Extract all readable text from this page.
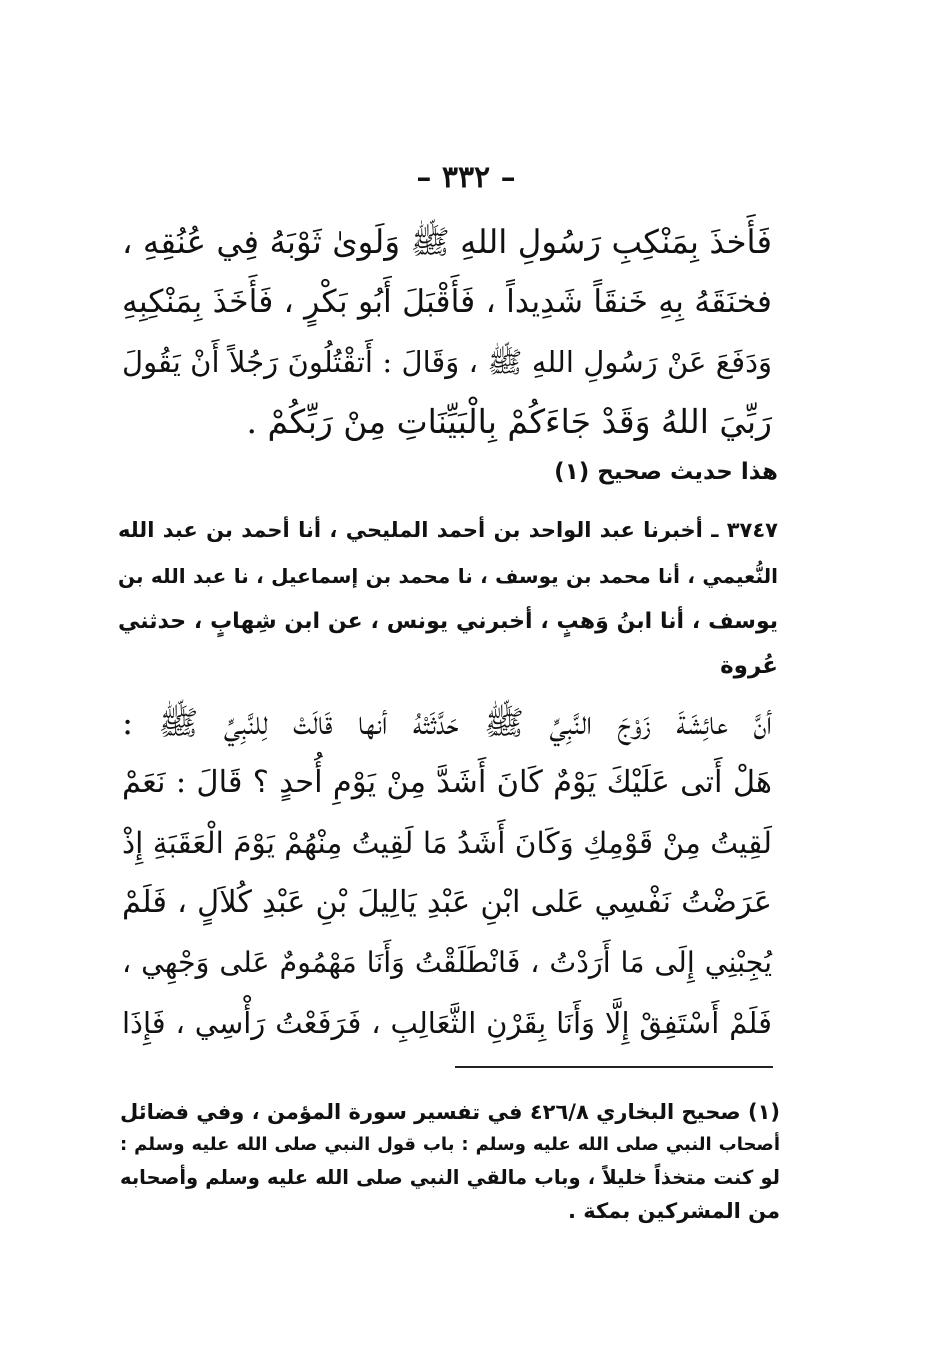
– ٣٣٢ –
فَأَخذَ بِمَنْكِبِ رَسُولِ اللهِ ﷺ وَلَوىٰ ثَوْبَهُ فِي عُنُقِهِ ،
فخنَقَهُ بِهِ خَنقَاً شَدِيداً ، فَأَقْبَلَ أَبُو بَكْرٍ ، فَأَخَذَ بِمَنْكِبِهِ
وَدَفَعَ عَنْ رَسُولِ اللهِ ﷺ ، وَقَالَ : أَتقْتُلُونَ رَجُلاً أَنْ يَقُولَ
رَبِّيَ اللهُ وَقَدْ جَاءَكُمْ بِالْبَيِّنَاتِ مِنْ رَبِّكُمْ .
هذا حديث صحيح (١)
٣٧٤٧ ـ أخبرنا عبد الواحد بن أحمد المليحي ، أنا أحمد بن عبد الله
النُّعيمي ، أنا محمد بن يوسف ، نا محمد بن إسماعيل ، نا عبد الله بن
يوسف ، أنا ابنُ وَهبٍ ، أخبرني يونس ، عن ابن شِهابٍ ، حدثني
عُروة
أنَّ عائِشَةَ زَوْجَ النَّبِيِّ ﷺ حَدَّثَتْهُ أنها قَالَتْ لِلنَّبِيِّ ﷺ :
هَلْ أَتى عَلَيْكَ يَوْمٌ كَانَ أَشَدَّ مِنْ يَوْمِ أُحدٍ ؟ قَالَ : نَعَمْ
لَقِيتُ مِنْ قَوْمِكِ وَكَانَ أَشَدُ مَا لَقِيتُ مِنْهُمْ يَوْمَ الْعَقَبَةِ إِذْ
عَرَضْتُ نَفْسِي عَلى ابْنِ عَبْدِ يَالِيلَ بْنِ عَبْدِ كُلاَلٍ ، فَلَمْ
يُجِبْنِي إِلَى مَا أَرَدْتُ ، فَانْطَلَقْتُ وَأَنَا مَهْمُومٌ عَلى وَجْهِي ،
فَلَمْ أَسْتَفِقْ إِلَّا وَأَنَا بِقَرْنِ الثَّعَالِبِ ، فَرَفَعْتُ رَأْسِي ، فَإِذَا
(١) صحيح البخاري ٤٢٦/٨ في تفسير سورة المؤمن ، وفي فضائل
أصحاب النبي صلى الله عليه وسلم : باب قول النبي صلى الله عليه وسلم :
لو كنت متخذاً خليلاً ، وباب مالقي النبي صلى الله عليه وسلم وأصحابه
من المشركين بمكة .
